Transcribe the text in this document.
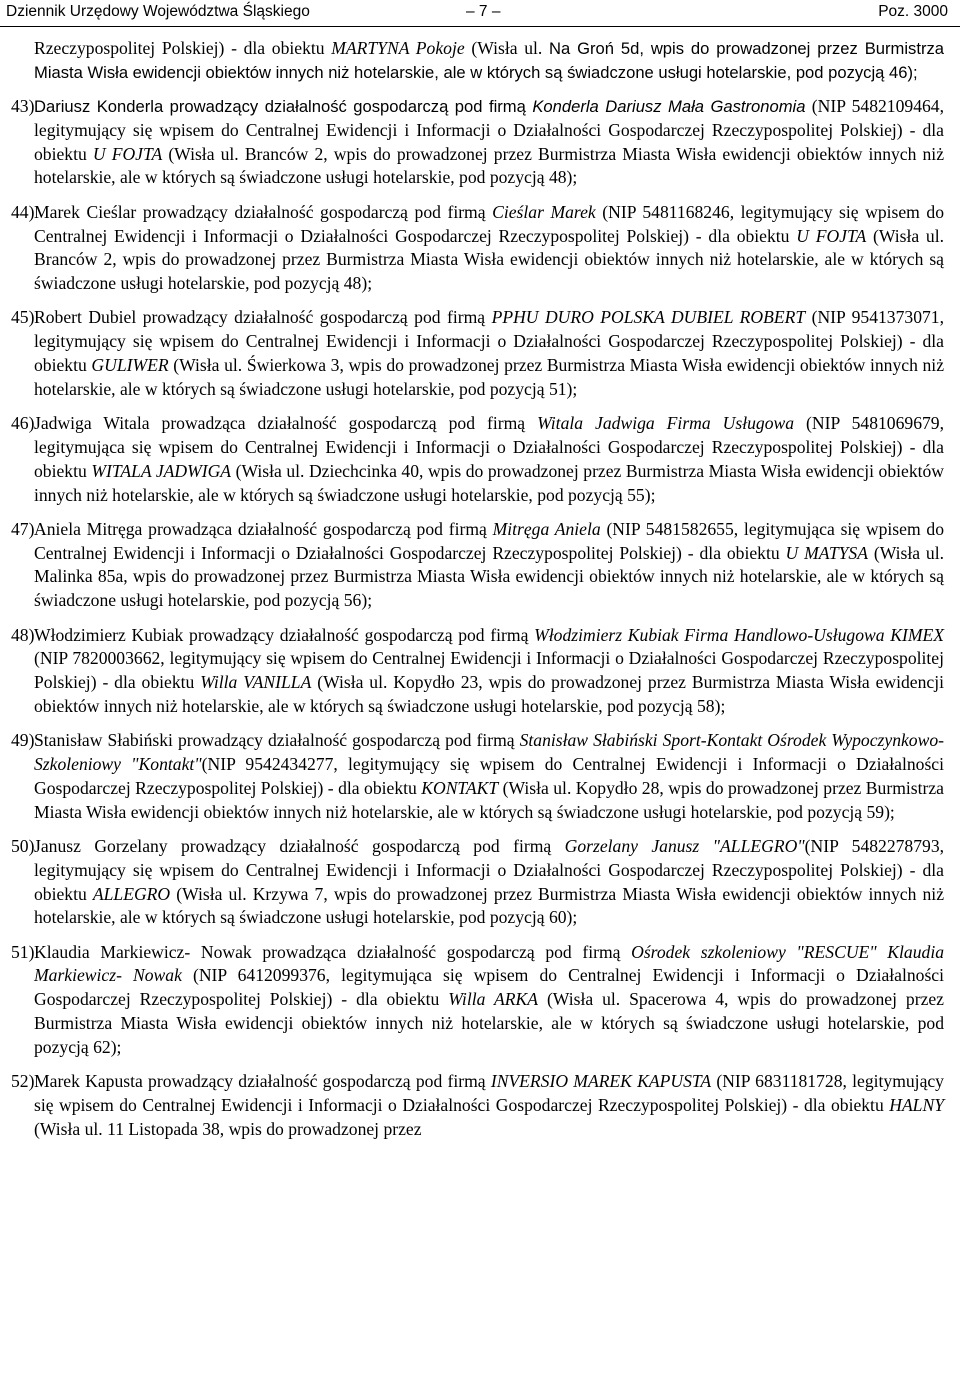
Dziennik Urzędowy Województwa Śląskiego	– 7 –	Poz. 3000

Rzeczypospolitej Polskiej) - dla obiektu MARTYNA Pokoje (Wisła ul. Na Groń 5d, wpis do prowadzonej przez Burmistrza Miasta Wisła ewidencji obiektów innych niż hotelarskie, ale w których są świadczone usługi hotelarskie, pod pozycją 46);

43) Dariusz Konderla prowadzący działalność gospodarczą pod firmą Konderla Dariusz Mała Gastronomia (NIP 5482109464, legitymujący się wpisem do Centralnej Ewidencji i Informacji o Działalności Gospodarczej Rzeczypospolitej Polskiej) - dla obiektu U FOJTA (Wisła ul. Branców 2, wpis do prowadzonej przez Burmistrza Miasta Wisła ewidencji obiektów innych niż hotelarskie, ale w których są świadczone usługi hotelarskie, pod pozycją 48);

44) Marek Cieślar prowadzący działalność gospodarczą pod firmą Cieślar Marek (NIP 5481168246, legitymujący się wpisem do Centralnej Ewidencji i Informacji o Działalności Gospodarczej Rzeczypospolitej Polskiej) - dla obiektu U FOJTA (Wisła ul. Branców 2, wpis do prowadzonej przez Burmistrza Miasta Wisła ewidencji obiektów innych niż hotelarskie, ale w których są świadczone usługi hotelarskie, pod pozycją 48);

45) Robert Dubiel prowadzący działalność gospodarczą pod firmą PPHU DURO POLSKA DUBIEL ROBERT (NIP 9541373071, legitymujący się wpisem do Centralnej Ewidencji i Informacji o Działalności Gospodarczej Rzeczypospolitej Polskiej) - dla obiektu GULIWER (Wisła ul. Świerkowa 3, wpis do prowadzonej przez Burmistrza Miasta Wisła ewidencji obiektów innych niż hotelarskie, ale w których są świadczone usługi hotelarskie, pod pozycją 51);

46) Jadwiga Witala prowadząca działalność gospodarczą pod firmą Witala Jadwiga Firma Usługowa (NIP 5481069679, legitymująca się wpisem do Centralnej Ewidencji i Informacji o Działalności Gospodarczej Rzeczypospolitej Polskiej) - dla obiektu WITALA JADWIGA (Wisła ul. Dziechcinka 40, wpis do prowadzonej przez Burmistrza Miasta Wisła ewidencji obiektów innych niż hotelarskie, ale w których są świadczone usługi hotelarskie, pod pozycją 55);

47) Aniela Mitręga prowadząca działalność gospodarczą pod firmą Mitręga Aniela (NIP 5481582655, legitymująca się wpisem do Centralnej Ewidencji i Informacji o Działalności Gospodarczej Rzeczypospolitej Polskiej) - dla obiektu U MATYSA (Wisła ul. Malinka 85a, wpis do prowadzonej przez Burmistrza Miasta Wisła ewidencji obiektów innych niż hotelarskie, ale w których są świadczone usługi hotelarskie, pod pozycją 56);

48) Włodzimierz Kubiak prowadzący działalność gospodarczą pod firmą Włodzimierz Kubiak Firma Handlowo-Usługowa KIMEX (NIP 7820003662, legitymujący się wpisem do Centralnej Ewidencji i Informacji o Działalności Gospodarczej Rzeczypospolitej Polskiej) - dla obiektu Willa VANILLA (Wisła ul. Kopydło 23, wpis do prowadzonej przez Burmistrza Miasta Wisła ewidencji obiektów innych niż hotelarskie, ale w których są świadczone usługi hotelarskie, pod pozycją 58);

49) Stanisław Słabiński prowadzący działalność gospodarczą pod firmą Stanisław Słabiński Sport-Kontakt Ośrodek Wypoczynkowo-Szkoleniowy "Kontakt"(NIP 9542434277, legitymujący się wpisem do Centralnej Ewidencji i Informacji o Działalności Gospodarczej Rzeczypospolitej Polskiej) - dla obiektu KONTAKT (Wisła ul. Kopydło 28, wpis do prowadzonej przez Burmistrza Miasta Wisła ewidencji obiektów innych niż hotelarskie, ale w których są świadczone usługi hotelarskie, pod pozycją 59);

50) Janusz Gorzelany prowadzący działalność gospodarczą pod firmą Gorzelany Janusz "ALLEGRO"(NIP 5482278793, legitymujący się wpisem do Centralnej Ewidencji i Informacji o Działalności Gospodarczej Rzeczypospolitej Polskiej) - dla obiektu ALLEGRO (Wisła ul. Krzywa 7, wpis do prowadzonej przez Burmistrza Miasta Wisła ewidencji obiektów innych niż hotelarskie, ale w których są świadczone usługi hotelarskie, pod pozycją 60);

51) Klaudia Markiewicz- Nowak prowadząca działalność gospodarczą pod firmą Ośrodek szkoleniowy "RESCUE" Klaudia Markiewicz- Nowak (NIP 6412099376, legitymująca się wpisem do Centralnej Ewidencji i Informacji o Działalności Gospodarczej Rzeczypospolitej Polskiej) - dla obiektu Willa ARKA (Wisła ul. Spacerowa 4, wpis do prowadzonej przez Burmistrza Miasta Wisła ewidencji obiektów innych niż hotelarskie, ale w których są świadczone usługi hotelarskie, pod pozycją 62);

52) Marek Kapusta prowadzący działalność gospodarczą pod firmą INVERSIO MAREK KAPUSTA (NIP 6831181728, legitymujący się wpisem do Centralnej Ewidencji i Informacji o Działalności Gospodarczej Rzeczypospolitej Polskiej) - dla obiektu HALNY (Wisła ul. 11 Listopada 38, wpis do prowadzonej przez
